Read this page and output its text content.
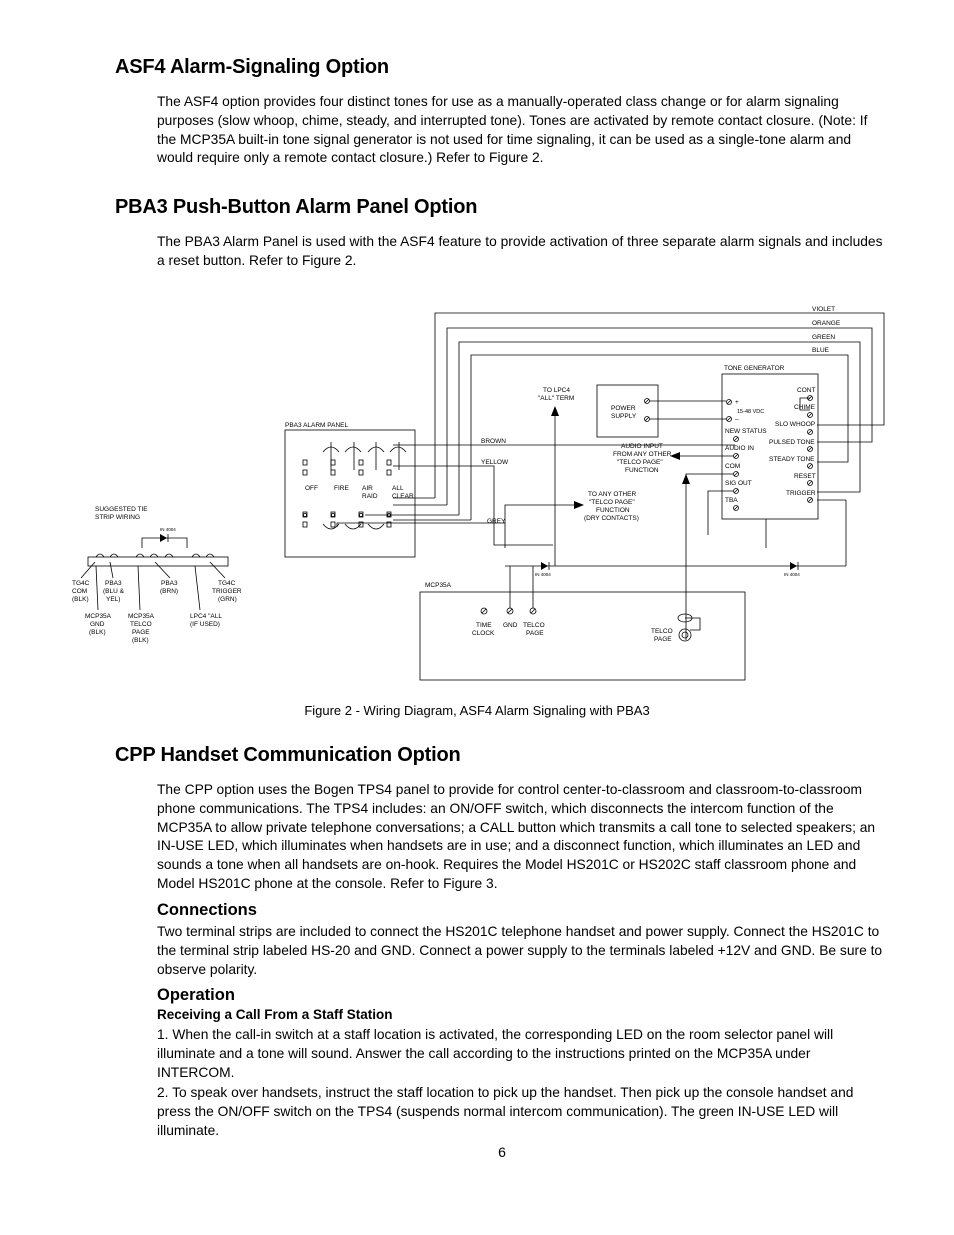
ASF4 Alarm-Signaling Option

The ASF4 option provides four distinct tones for use as a manually-operated class change or for alarm signaling purposes (slow whoop, chime, steady, and interrupted tone). Tones are activated by remote contact closure. (Note: If the MCP35A built-in tone signal generator is not used for time signaling, it can be used as a single-tone alarm and would require only a remote contact closure.) Refer to Figure 2.

PBA3 Push-Button Alarm Panel Option

The PBA3 Alarm Panel is used with the ASF4 feature to provide activation of three separate alarm signals and includes a reset button. Refer to Figure 2.

VIOLET
ORANGE
GREEN
BLUE
TONE GENERATOR
+
–
15-48 VDC
NEW STATUS
AUDIO IN
COM
SIG OUT
TBA
CONT
CHIME
SLO WHOOP
PULSED TONE
STEADY TONE
RESET
TRIGGER
POWER SUPPLY
TO LPC4 "ALL" TERM
AUDIO INPUT FROM ANY OTHER "TELCO PAGE" FUNCTION
TO ANY OTHER "TELCO PAGE" FUNCTION (DRY CONTACTS)
PBA3 ALARM PANEL
OFF FIRE AIR RAID
ALL CLEAR
BROWN
YELLOW
GREY
IN 4004	IN 4004
MCP35A
TIME CLOCK
GND TELCO PAGE	TELCO PAGE
SUGGESTED TIE STRIP WIRING
IN 4004
TG4C
COM
(BLK)
PBA3
(BLU &
YEL)
PBA3
(BRN)
TG4C
TRIGGER
(GRN)
MCP35A
GND
(BLK)
MCP35A
TELCO
PAGE
(BLK)
LPC4 "ALL
(IF USED)
Figure 2 - Wiring Diagram, ASF4 Alarm Signaling with PBA3
CPP Handset Communication Option

The CPP option uses the Bogen TPS4 panel to provide for control center-to-classroom and classroom-to-classroom phone communications. The TPS4 includes: an ON/OFF switch, which disconnects the intercom function of the MCP35A to allow private telephone conversations; a CALL button which transmits a call tone to selected speakers; an IN-USE LED, which illuminates when handsets are in use; and a disconnect function, which illuminates an LED and sounds a tone when all handsets are on-hook. Requires the Model HS201C or HS202C staff classroom phone and Model HS201C phone at the console. Refer to Figure 3.

Connections

Two terminal strips are included to connect the HS201C telephone handset and power supply. Connect the HS201C to the terminal strip labeled HS-20 and GND. Connect a power supply to the terminals labeled +12V and GND. Be sure to observe polarity.

Operation
Receiving a Call From a Staff Station

1. When the call-in switch at a staff location is activated, the corresponding LED on the room selector panel will illuminate and a tone will sound. Answer the call according to the instructions printed on the MCP35A under INTERCOM.

2. To speak over handsets, instruct the staff location to pick up the handset. Then pick up the console handset and press the ON/OFF switch on the TPS4 (suspends normal intercom communication). The green IN-USE LED will illuminate.

6
